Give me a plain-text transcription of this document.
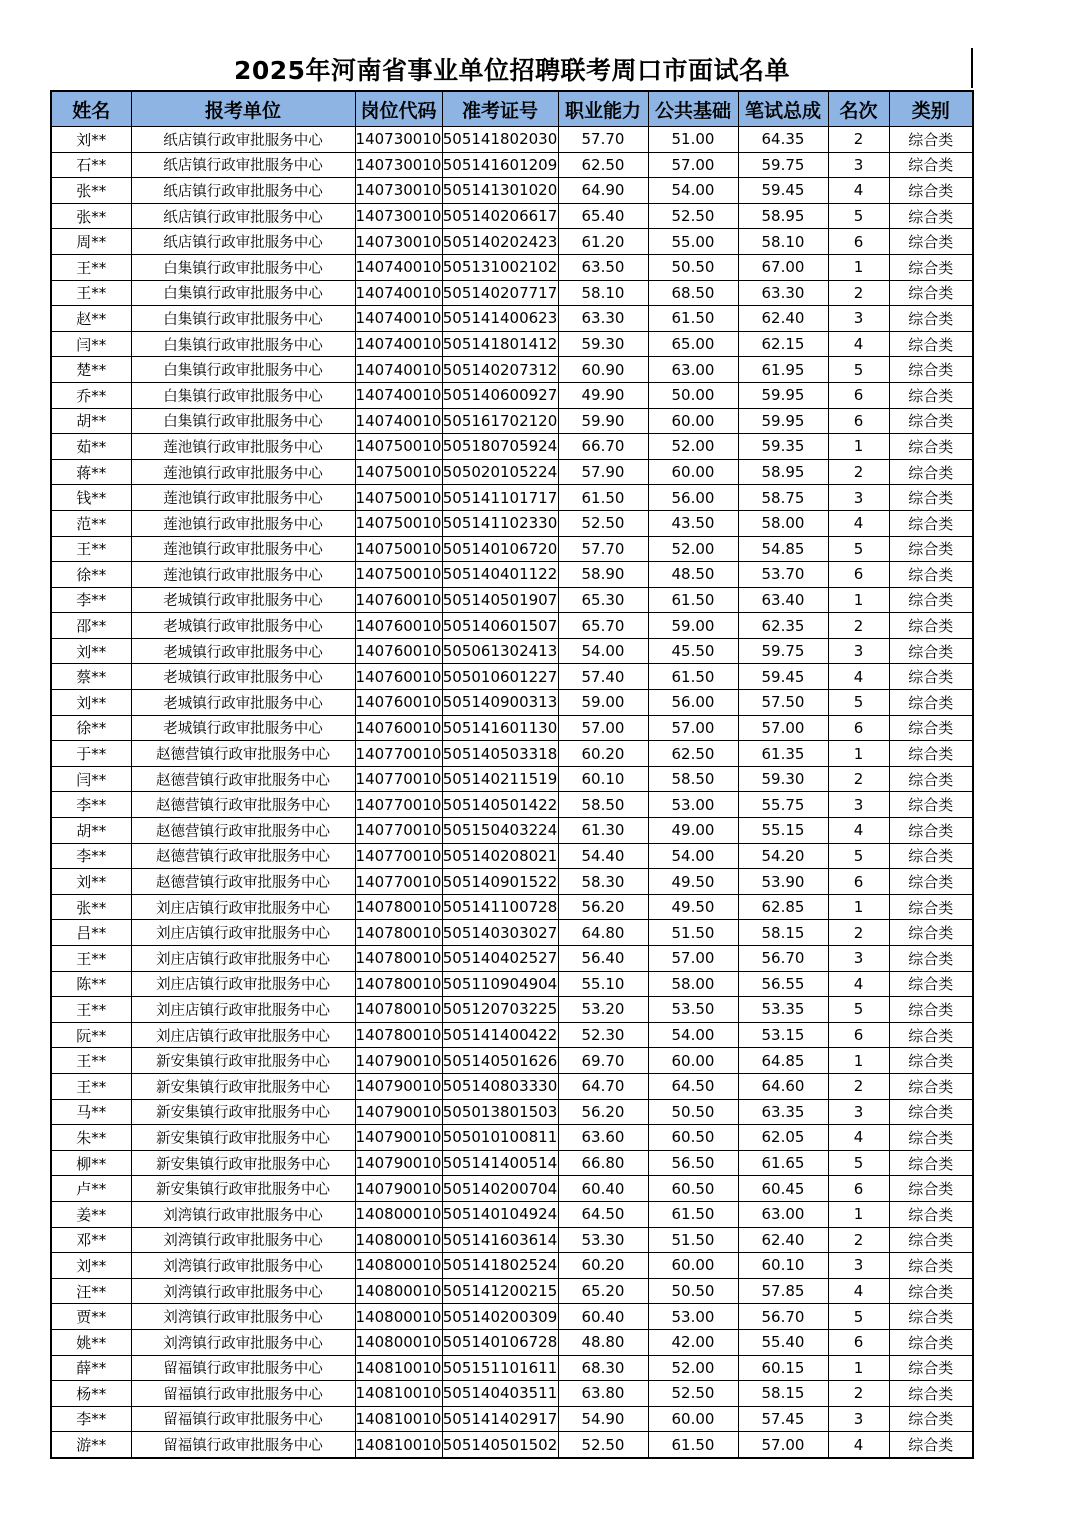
2025年河南省事业单位招聘联考周口市面试名单
姓名	报考单位	岗位代码	准考证号	职业能力	公共基础	笔试总成	名次	类别
刘**	纸店镇行政审批服务中心	140730010	505141802030	57.70	51.00	64.35	2	综合类
石**	纸店镇行政审批服务中心	140730010	505141601209	62.50	57.00	59.75	3	综合类
张**	纸店镇行政审批服务中心	140730010	505141301020	64.90	54.00	59.45	4	综合类
张**	纸店镇行政审批服务中心	140730010	505140206617	65.40	52.50	58.95	5	综合类
周**	纸店镇行政审批服务中心	140730010	505140202423	61.20	55.00	58.10	6	综合类
王**	白集镇行政审批服务中心	140740010	505131002102	63.50	50.50	67.00	1	综合类
王**	白集镇行政审批服务中心	140740010	505140207717	58.10	68.50	63.30	2	综合类
赵**	白集镇行政审批服务中心	140740010	505141400623	63.30	61.50	62.40	3	综合类
闫**	白集镇行政审批服务中心	140740010	505141801412	59.30	65.00	62.15	4	综合类
楚**	白集镇行政审批服务中心	140740010	505140207312	60.90	63.00	61.95	5	综合类
乔**	白集镇行政审批服务中心	140740010	505140600927	49.90	50.00	59.95	6	综合类
胡**	白集镇行政审批服务中心	140740010	505161702120	59.90	60.00	59.95	6	综合类
茹**	莲池镇行政审批服务中心	140750010	505180705924	66.70	52.00	59.35	1	综合类
蒋**	莲池镇行政审批服务中心	140750010	505020105224	57.90	60.00	58.95	2	综合类
钱**	莲池镇行政审批服务中心	140750010	505141101717	61.50	56.00	58.75	3	综合类
范**	莲池镇行政审批服务中心	140750010	505141102330	52.50	43.50	58.00	4	综合类
王**	莲池镇行政审批服务中心	140750010	505140106720	57.70	52.00	54.85	5	综合类
徐**	莲池镇行政审批服务中心	140750010	505140401122	58.90	48.50	53.70	6	综合类
李**	老城镇行政审批服务中心	140760010	505140501907	65.30	61.50	63.40	1	综合类
邵**	老城镇行政审批服务中心	140760010	505140601507	65.70	59.00	62.35	2	综合类
刘**	老城镇行政审批服务中心	140760010	505061302413	54.00	45.50	59.75	3	综合类
蔡**	老城镇行政审批服务中心	140760010	505010601227	57.40	61.50	59.45	4	综合类
刘**	老城镇行政审批服务中心	140760010	505140900313	59.00	56.00	57.50	5	综合类
徐**	老城镇行政审批服务中心	140760010	505141601130	57.00	57.00	57.00	6	综合类
于**	赵德营镇行政审批服务中心	140770010	505140503318	60.20	62.50	61.35	1	综合类
闫**	赵德营镇行政审批服务中心	140770010	505140211519	60.10	58.50	59.30	2	综合类
李**	赵德营镇行政审批服务中心	140770010	505140501422	58.50	53.00	55.75	3	综合类
胡**	赵德营镇行政审批服务中心	140770010	505150403224	61.30	49.00	55.15	4	综合类
李**	赵德营镇行政审批服务中心	140770010	505140208021	54.40	54.00	54.20	5	综合类
刘**	赵德营镇行政审批服务中心	140770010	505140901522	58.30	49.50	53.90	6	综合类
张**	刘庄店镇行政审批服务中心	140780010	505141100728	56.20	49.50	62.85	1	综合类
吕**	刘庄店镇行政审批服务中心	140780010	505140303027	64.80	51.50	58.15	2	综合类
王**	刘庄店镇行政审批服务中心	140780010	505140402527	56.40	57.00	56.70	3	综合类
陈**	刘庄店镇行政审批服务中心	140780010	505110904904	55.10	58.00	56.55	4	综合类
王**	刘庄店镇行政审批服务中心	140780010	505120703225	53.20	53.50	53.35	5	综合类
阮**	刘庄店镇行政审批服务中心	140780010	505141400422	52.30	54.00	53.15	6	综合类
王**	新安集镇行政审批服务中心	140790010	505140501626	69.70	60.00	64.85	1	综合类
王**	新安集镇行政审批服务中心	140790010	505140803330	64.70	64.50	64.60	2	综合类
马**	新安集镇行政审批服务中心	140790010	505013801503	56.20	50.50	63.35	3	综合类
朱**	新安集镇行政审批服务中心	140790010	505010100811	63.60	60.50	62.05	4	综合类
柳**	新安集镇行政审批服务中心	140790010	505141400514	66.80	56.50	61.65	5	综合类
卢**	新安集镇行政审批服务中心	140790010	505140200704	60.40	60.50	60.45	6	综合类
姜**	刘湾镇行政审批服务中心	140800010	505140104924	64.50	61.50	63.00	1	综合类
邓**	刘湾镇行政审批服务中心	140800010	505141603614	53.30	51.50	62.40	2	综合类
刘**	刘湾镇行政审批服务中心	140800010	505141802524	60.20	60.00	60.10	3	综合类
汪**	刘湾镇行政审批服务中心	140800010	505141200215	65.20	50.50	57.85	4	综合类
贾**	刘湾镇行政审批服务中心	140800010	505140200309	60.40	53.00	56.70	5	综合类
姚**	刘湾镇行政审批服务中心	140800010	505140106728	48.80	42.00	55.40	6	综合类
薛**	留福镇行政审批服务中心	140810010	505151101611	68.30	52.00	60.15	1	综合类
杨**	留福镇行政审批服务中心	140810010	505140403511	63.80	52.50	58.15	2	综合类
李**	留福镇行政审批服务中心	140810010	505141402917	54.90	60.00	57.45	3	综合类
游**	留福镇行政审批服务中心	140810010	505140501502	52.50	61.50	57.00	4	综合类
